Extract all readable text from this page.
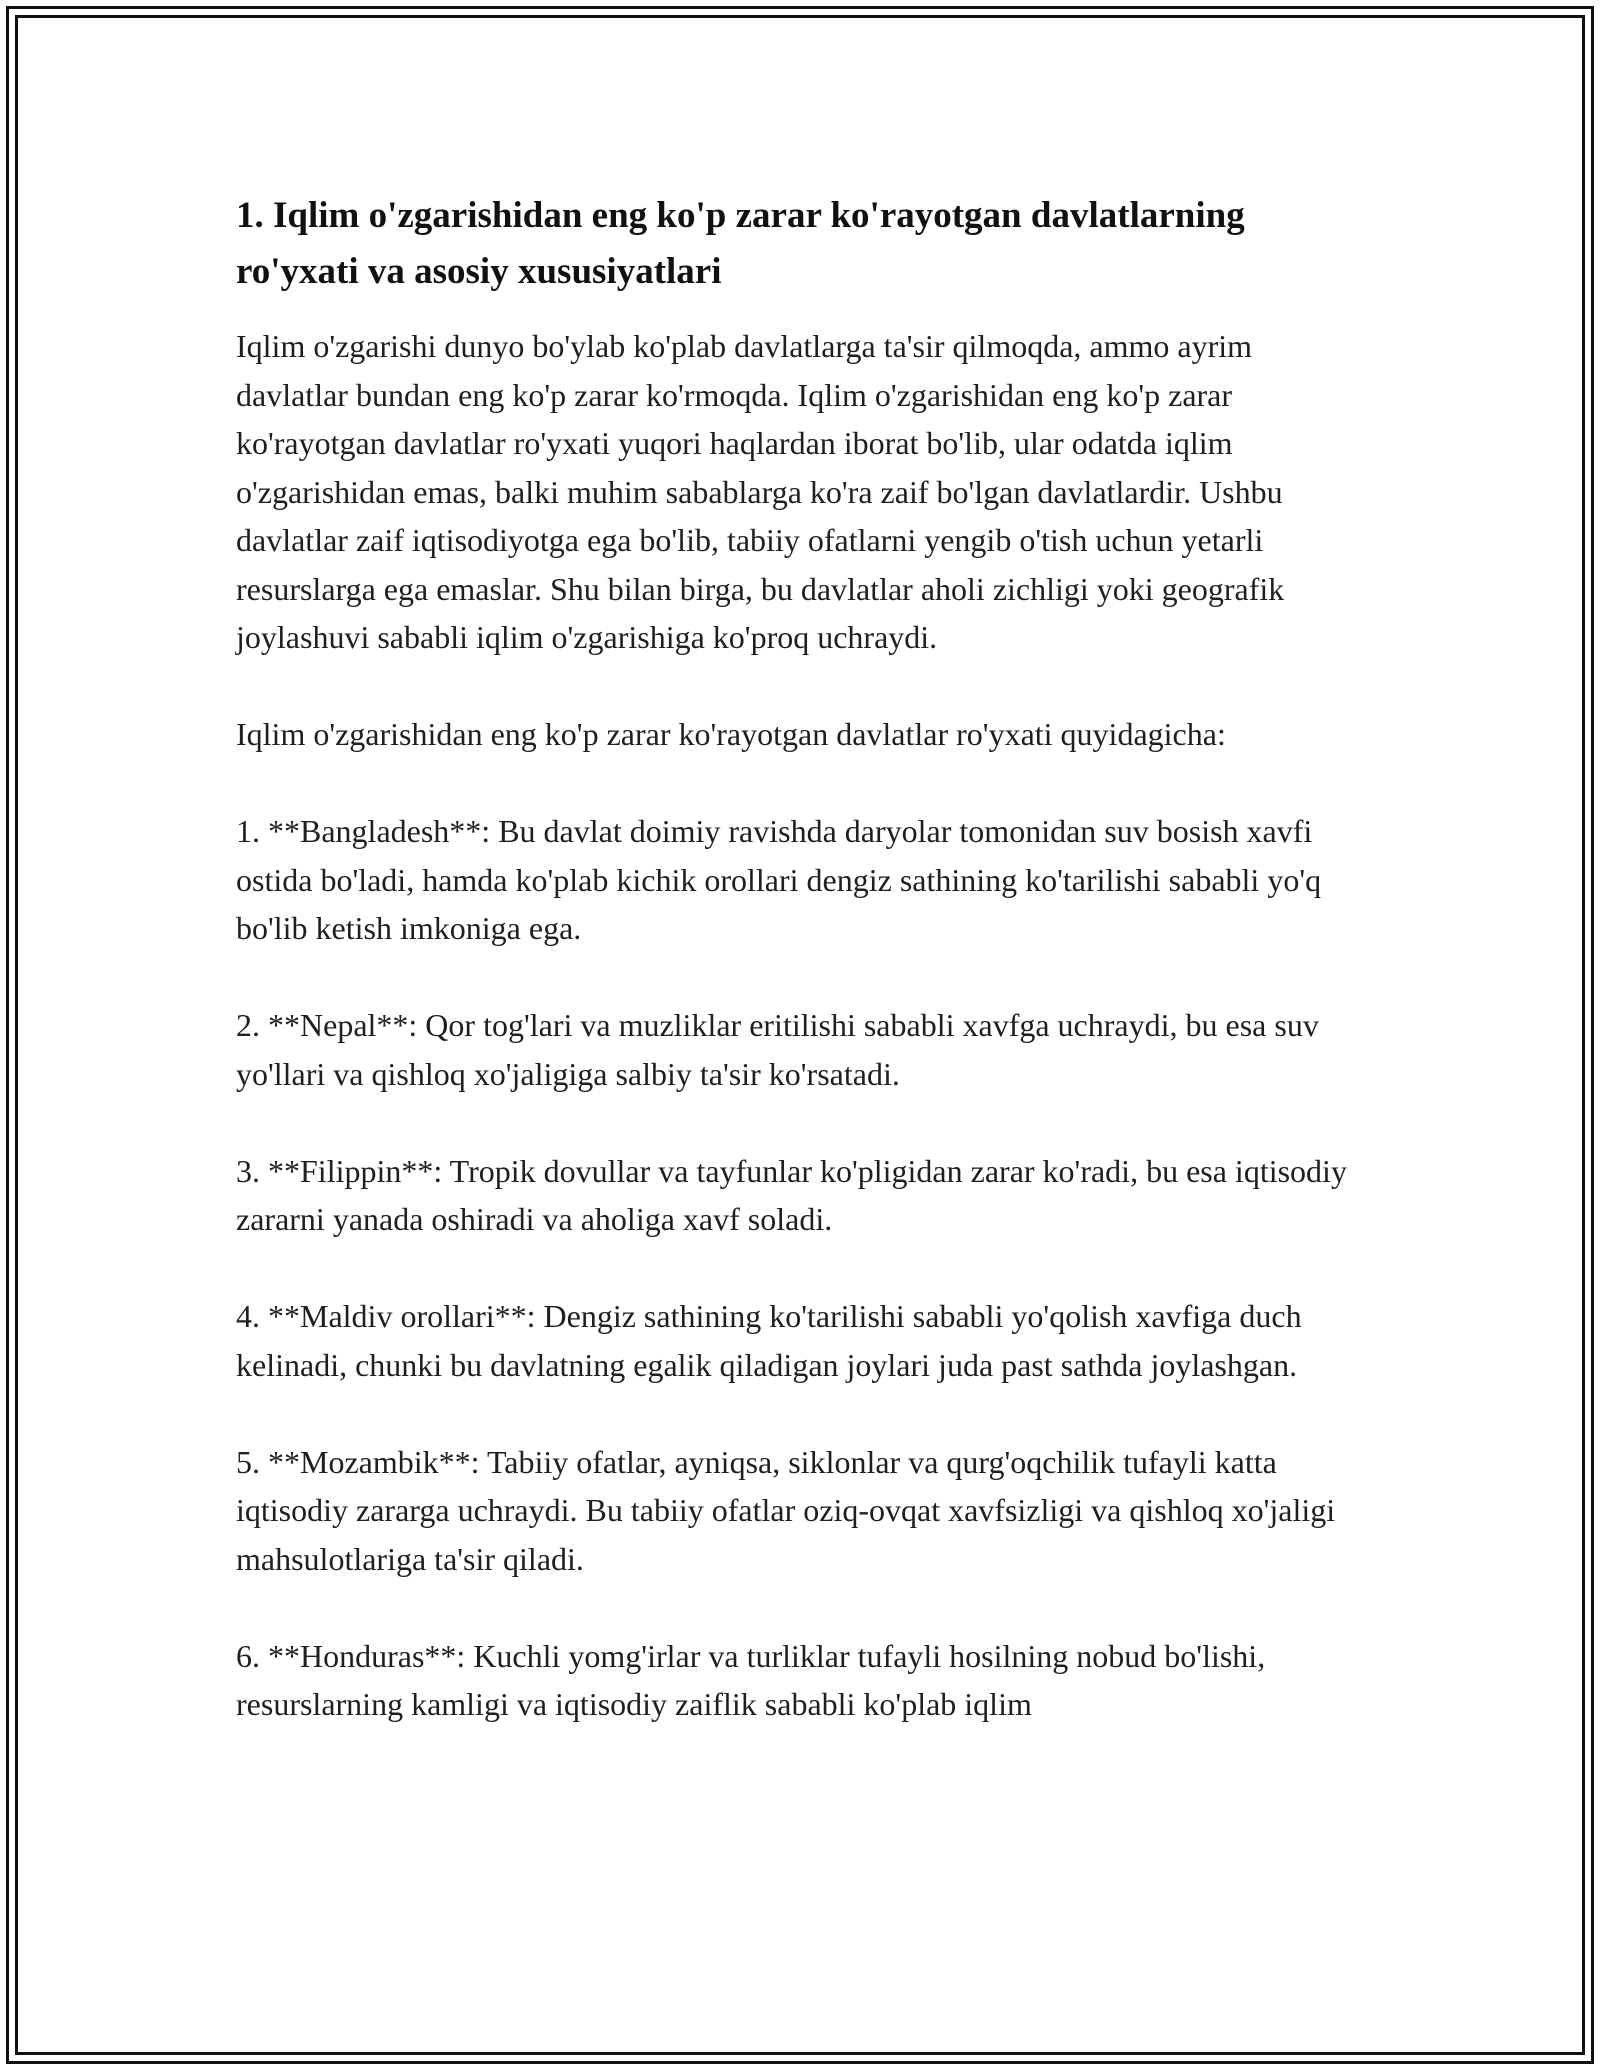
1. Iqlim o'zgarishidan eng ko'p zarar ko'rayotgan davlatlarning ro'yxati va asosiy xususiyatlari

Iqlim o'zgarishi dunyo bo'ylab ko'plab davlatlarga ta'sir qilmoqda, ammo ayrim davlatlar bundan eng ko'p zarar ko'rmoqda. Iqlim o'zgarishidan eng ko'p zarar ko'rayotgan davlatlar ro'yxati yuqori haqlardan iborat bo'lib, ular odatda iqlim o'zgarishidan emas, balki muhim sabablarga ko'ra zaif bo'lgan davlatlardir. Ushbu davlatlar zaif iqtisodiyotga ega bo'lib, tabiiy ofatlarni yengib o'tish uchun yetarli resurslarga ega emaslar. Shu bilan birga, bu davlatlar aholi zichligi yoki geografik joylashuvi sababli iqlim o'zgarishiga ko'proq uchraydi.

Iqlim o'zgarishidan eng ko'p zarar ko'rayotgan davlatlar ro'yxati quyidagicha:

1. **Bangladesh**: Bu davlat doimiy ravishda daryolar tomonidan suv bosish xavfi ostida bo'ladi, hamda ko'plab kichik orollari dengiz sathining ko'tarilishi sababli yo'q bo'lib ketish imkoniga ega.

2. **Nepal**: Qor tog'lari va muzliklar eritilishi sababli xavfga uchraydi, bu esa suv yo'llari va qishloq xo'jaligiga salbiy ta'sir ko'rsatadi.

3. **Filippin**: Tropik dovullar va tayfunlar ko'pligidan zarar ko'radi, bu esa iqtisodiy zararni yanada oshiradi va aholiga xavf soladi.

4. **Maldiv orollari**: Dengiz sathining ko'tarilishi sababli yo'qolish xavfiga duch kelinadi, chunki bu davlatning egalik qiladigan joylari juda past sathda joylashgan.

5. **Mozambik**: Tabiiy ofatlar, ayniqsa, siklonlar va qurg'oqchilik tufayli katta iqtisodiy zararga uchraydi. Bu tabiiy ofatlar oziq-ovqat xavfsizligi va qishloq xo'jaligi mahsulotlariga ta'sir qiladi.

6. **Honduras**: Kuchli yomg'irlar va turliklar tufayli hosilning nobud bo'lishi, resurslarning kamligi va iqtisodiy zaiflik sababli ko'plab iqlim
